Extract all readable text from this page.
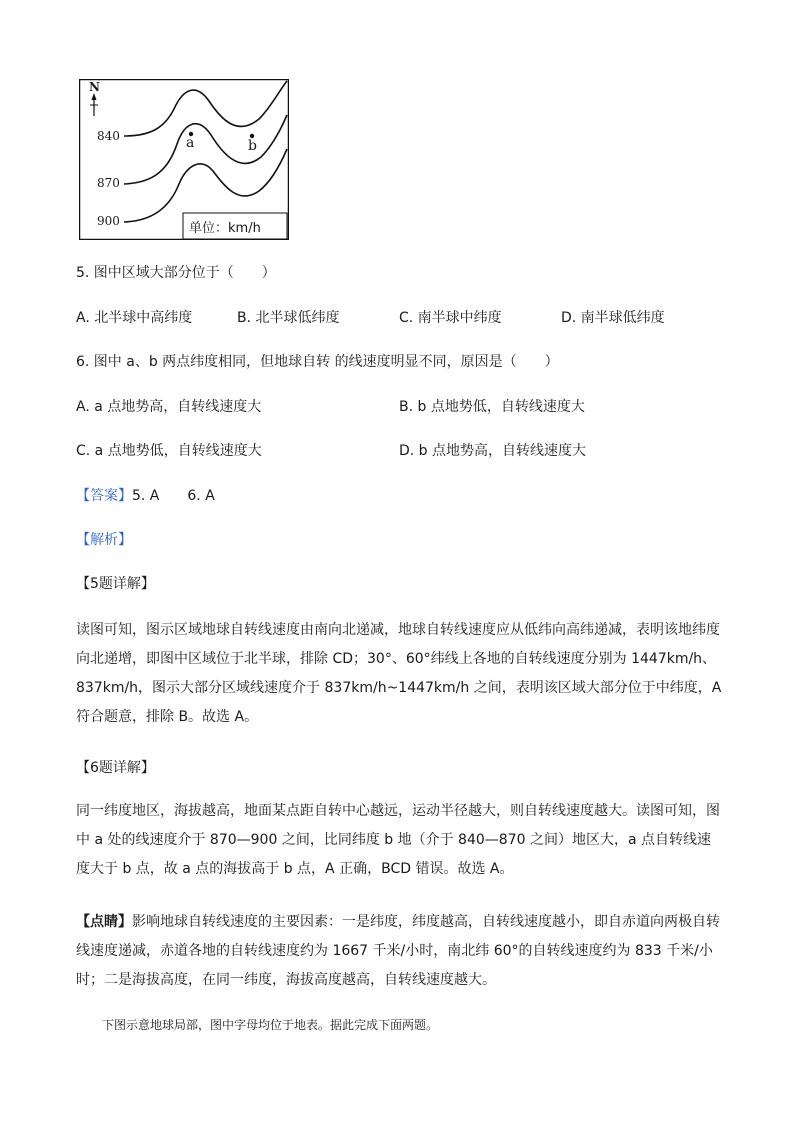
N
840
870
900
a	b
单位：km/h
5. 图中区域大部分位于（　　）
A. 北半球中高纬度	B. 北半球低纬度	C. 南半球中纬度	D. 南半球低纬度
6. 图中 a、b 两点纬度相同，但地球自转 的线速度明显不同，原因是（　　）
A. a 点地势高，自转线速度大	B. b 点地势低，自转线速度大
C. a 点地势低，自转线速度大	D. b 点地势高，自转线速度大
【答案】5. A 6. A
【解析】
【5题详解】
读图可知，图示区域地球自转线速度由南向北递减，地球自转线速度应从低纬向高纬递减，表明该地纬度向北递增，即图中区域位于北半球，排除 CD；30°、60°纬线上各地的自转线速度分别为 1447km/h、837km/h，图示大部分区域线速度介于 837km/h~1447km/h 之间，表明该区域大部分位于中纬度，A 符合题意，排除 B。故选 A。
【6题详解】
同一纬度地区，海拔越高，地面某点距自转中心越远，运动半径越大，则自转线速度越大。读图可知，图中 a 处的线速度介于 870—900 之间，比同纬度 b 地（介于 840—870 之间）地区大，a 点自转线速度大于 b 点，故 a 点的海拔高于 b 点，A 正确，BCD 错误。故选 A。
【点睛】影响地球自转线速度的主要因素：一是纬度，纬度越高，自转线速度越小，即自赤道向两极自转线速度递减，赤道各地的自转线速度约为 1667 千米/小时，南北纬 60°的自转线速度约为 833 千米/小时；二是海拔高度，在同一纬度，海拔高度越高，自转线速度越大。
下图示意地球局部，图中字母均位于地表。据此完成下面两题。
